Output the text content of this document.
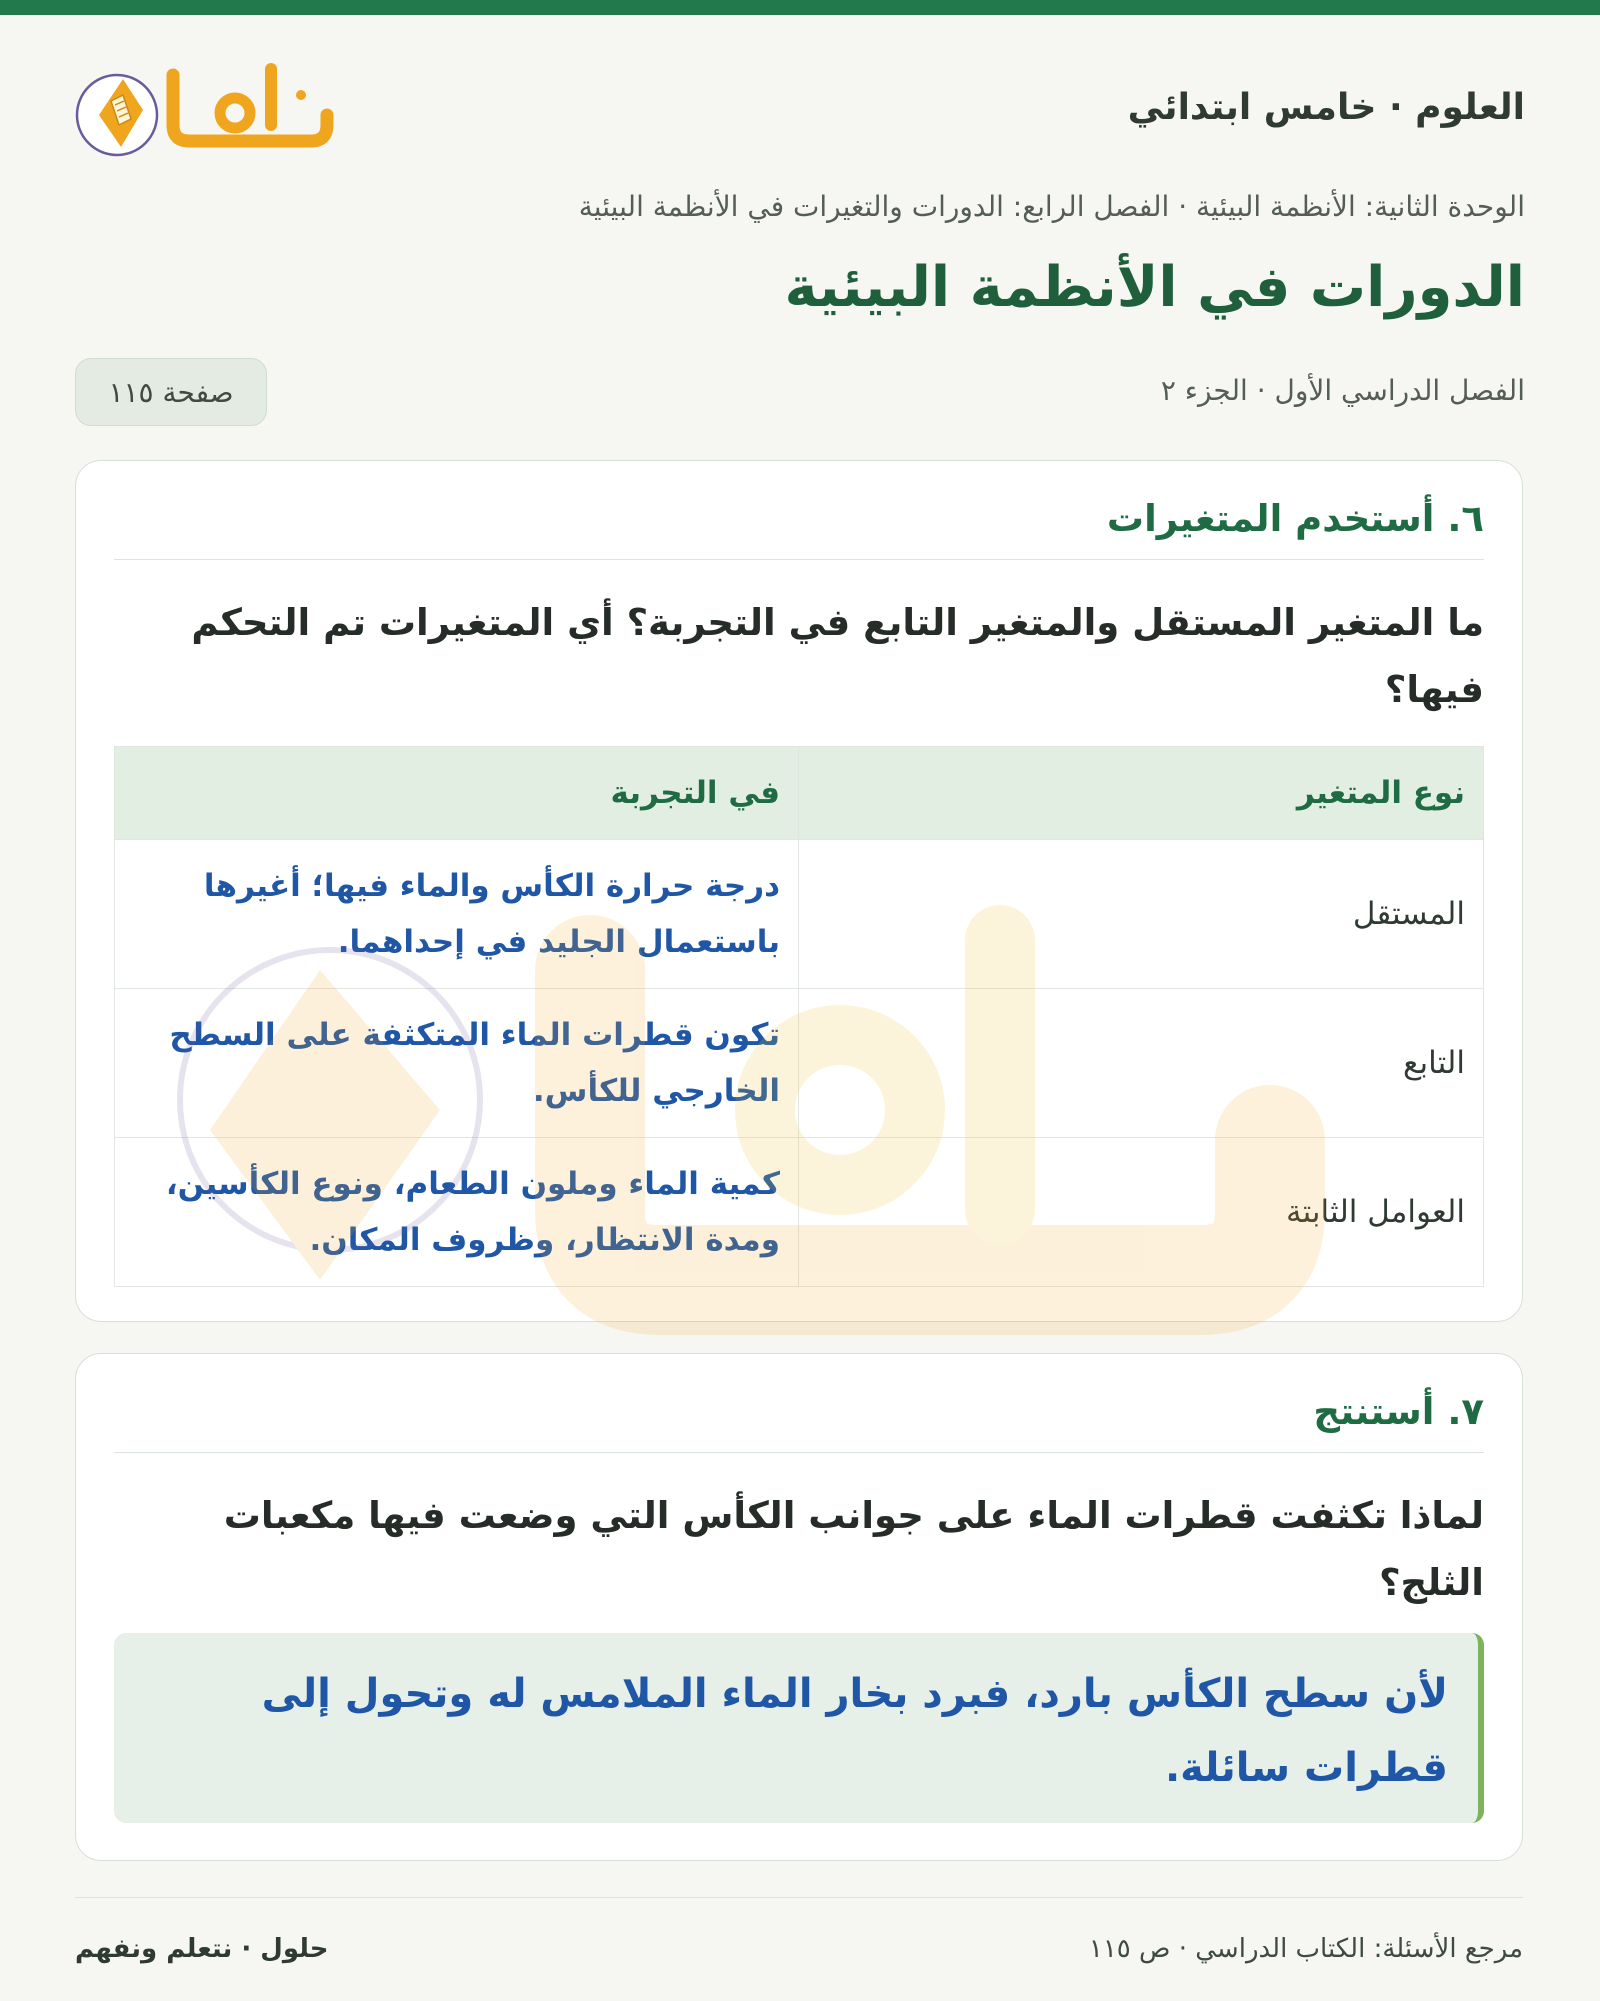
العلوم · خامس ابتدائي
الوحدة الثانية: الأنظمة البيئية · الفصل الرابع: الدورات والتغيرات في الأنظمة البيئية
الدورات في الأنظمة البيئية
الفصل الدراسي الأول · الجزء ٢
صفحة ١١٥
٦. أستخدم المتغيرات

ما المتغير المستقل والمتغير التابع في التجربة؟ أي المتغيرات تم التحكم فيها؟

نوع المتغير	في التجربة
المستقل	درجة حرارة الكأس والماء فيها؛ أغيرها باستعمال الجليد في إحداهما.
التابع	تكون قطرات الماء المتكثفة على السطح الخارجي للكأس.
العوامل الثابتة	كمية الماء وملون الطعام، ونوع الكأسين، ومدة الانتظار، وظروف المكان.
٧. أستنتج

لماذا تكثفت قطرات الماء على جوانب الكأس التي وضعت فيها مكعبات الثلج؟

لأن سطح الكأس بارد، فبرد بخار الماء الملامس له وتحول إلى قطرات سائلة.

مرجع الأسئلة: الكتاب الدراسي · ص ١١٥
حلول · نتعلم ونفهم
